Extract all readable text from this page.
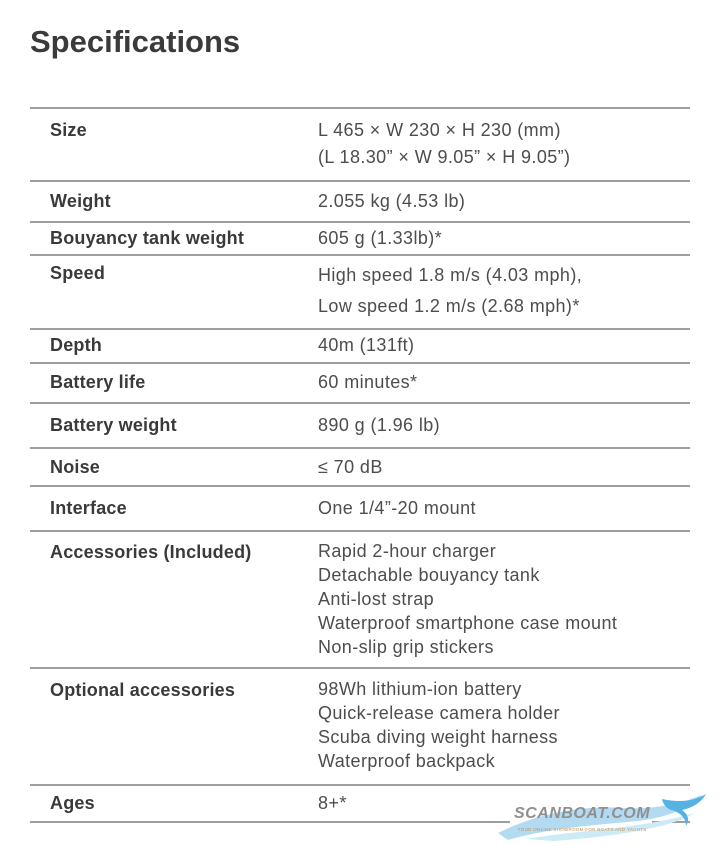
Specifications
Size	L 465 × W 230 × H 230 (mm)
(L 18.30” × W 9.05” × H 9.05”)
Weight	2.055 kg (4.53 lb)
Bouyancy tank weight	605 g (1.33lb)*
Speed	High speed 1.8 m/s (4.03 mph),
Low speed 1.2 m/s (2.68 mph)*
Depth	40m (131ft)
Battery life	60 minutes*
Battery weight	890 g (1.96 lb)
Noise	≤ 70 dB
Interface	One 1/4”-20 mount
Accessories (Included)	Rapid 2-hour charger
Detachable bouyancy tank
Anti-lost strap
Waterproof smartphone case mount
Non-slip grip stickers
Optional accessories	98Wh lithium-ion battery
Quick-release camera holder
Scuba diving weight harness
Waterproof backpack
Ages	8+*
SCANBOAT.COM
YOUR ONLINE SHOWROOM FOR BOATS AND YACHTS
